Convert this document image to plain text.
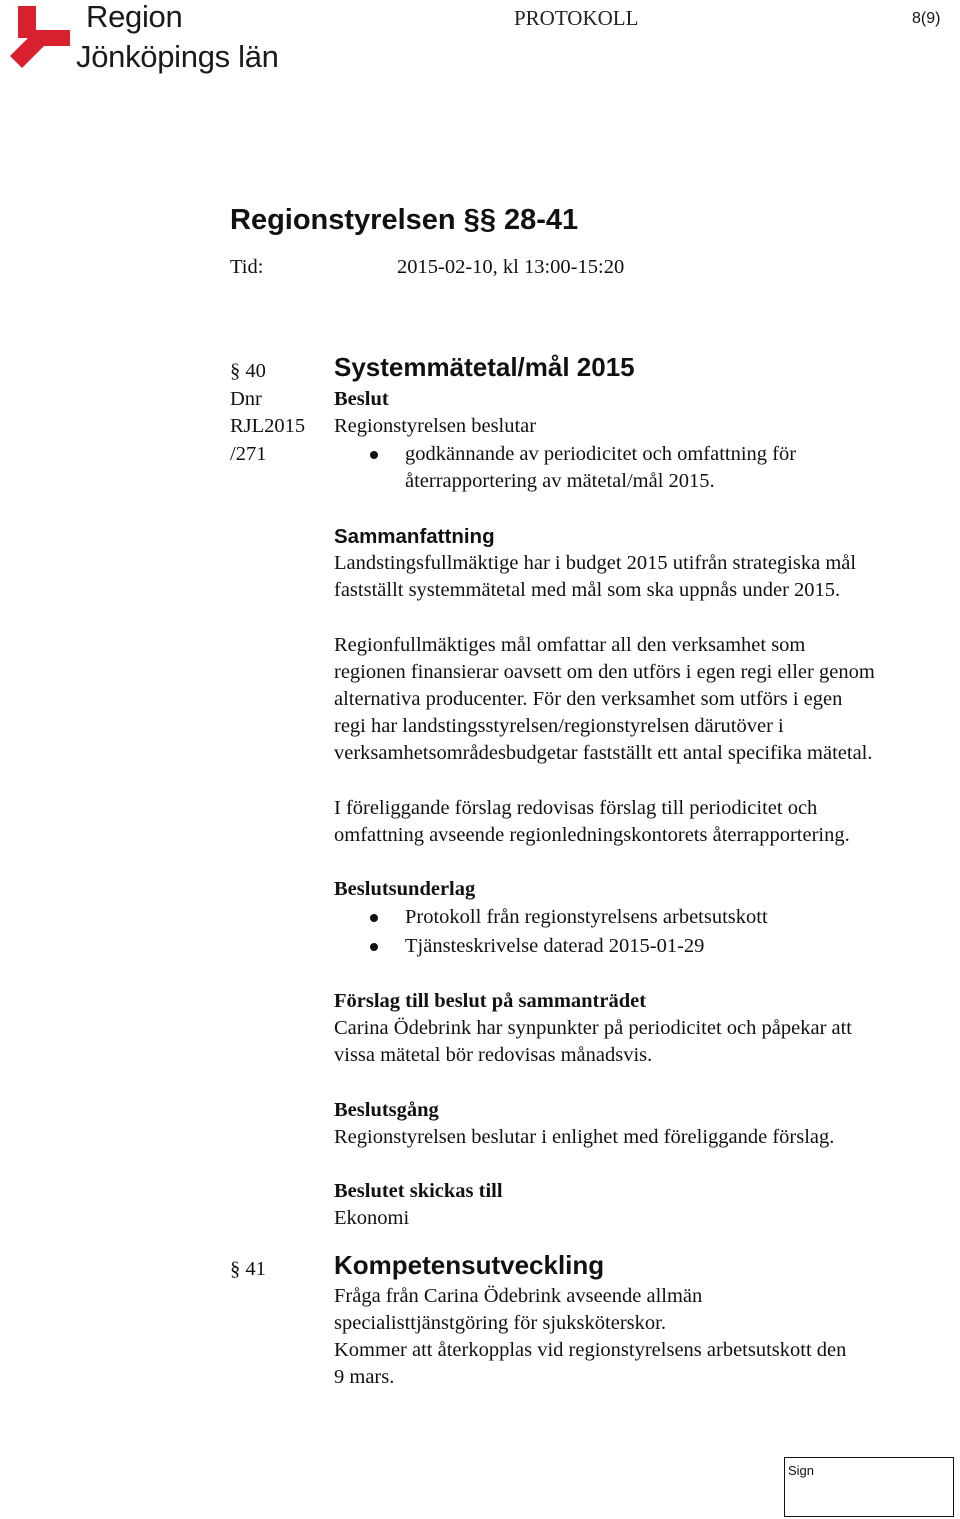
Region
Jönköpings län
PROTOKOLL	8(9)
Regionstyrelsen §§ 28-41
Tid:	2015-02-10, kl 13:00-15:20
§ 40
Dnr
RJL2015
/271
Systemmätetal/mål 2015
Beslut
Regionstyrelsen beslutar
godkännande av periodicitet och omfattning för
återrapportering av mätetal/mål 2015.
Sammanfattning
Landstingsfullmäktige har i budget 2015 utifrån strategiska mål
fastställt systemmätetal med mål som ska uppnås under 2015.
Regionfullmäktiges mål omfattar all den verksamhet som
regionen finansierar oavsett om den utförs i egen regi eller genom
alternativa producenter. För den verksamhet som utförs i egen
regi har landstingsstyrelsen/regionstyrelsen därutöver i
verksamhetsområdesbudgetar fastställt ett antal specifika mätetal.
I föreliggande förslag redovisas förslag till periodicitet och
omfattning avseende regionledningskontorets återrapportering.
Beslutsunderlag
Protokoll från regionstyrelsens arbetsutskott
Tjänsteskrivelse daterad 2015-01-29
Förslag till beslut på sammanträdet
Carina Ödebrink har synpunkter på periodicitet och påpekar att
vissa mätetal bör redovisas månadsvis.
Beslutsgång
Regionstyrelsen beslutar i enlighet med föreliggande förslag.
Beslutet skickas till
Ekonomi
§ 41	Kompetensutveckling
Fråga från Carina Ödebrink avseende allmän
specialisttjänstgöring för sjuksköterskor.
Kommer att återkopplas vid regionstyrelsens arbetsutskott den
9 mars.
Sign
